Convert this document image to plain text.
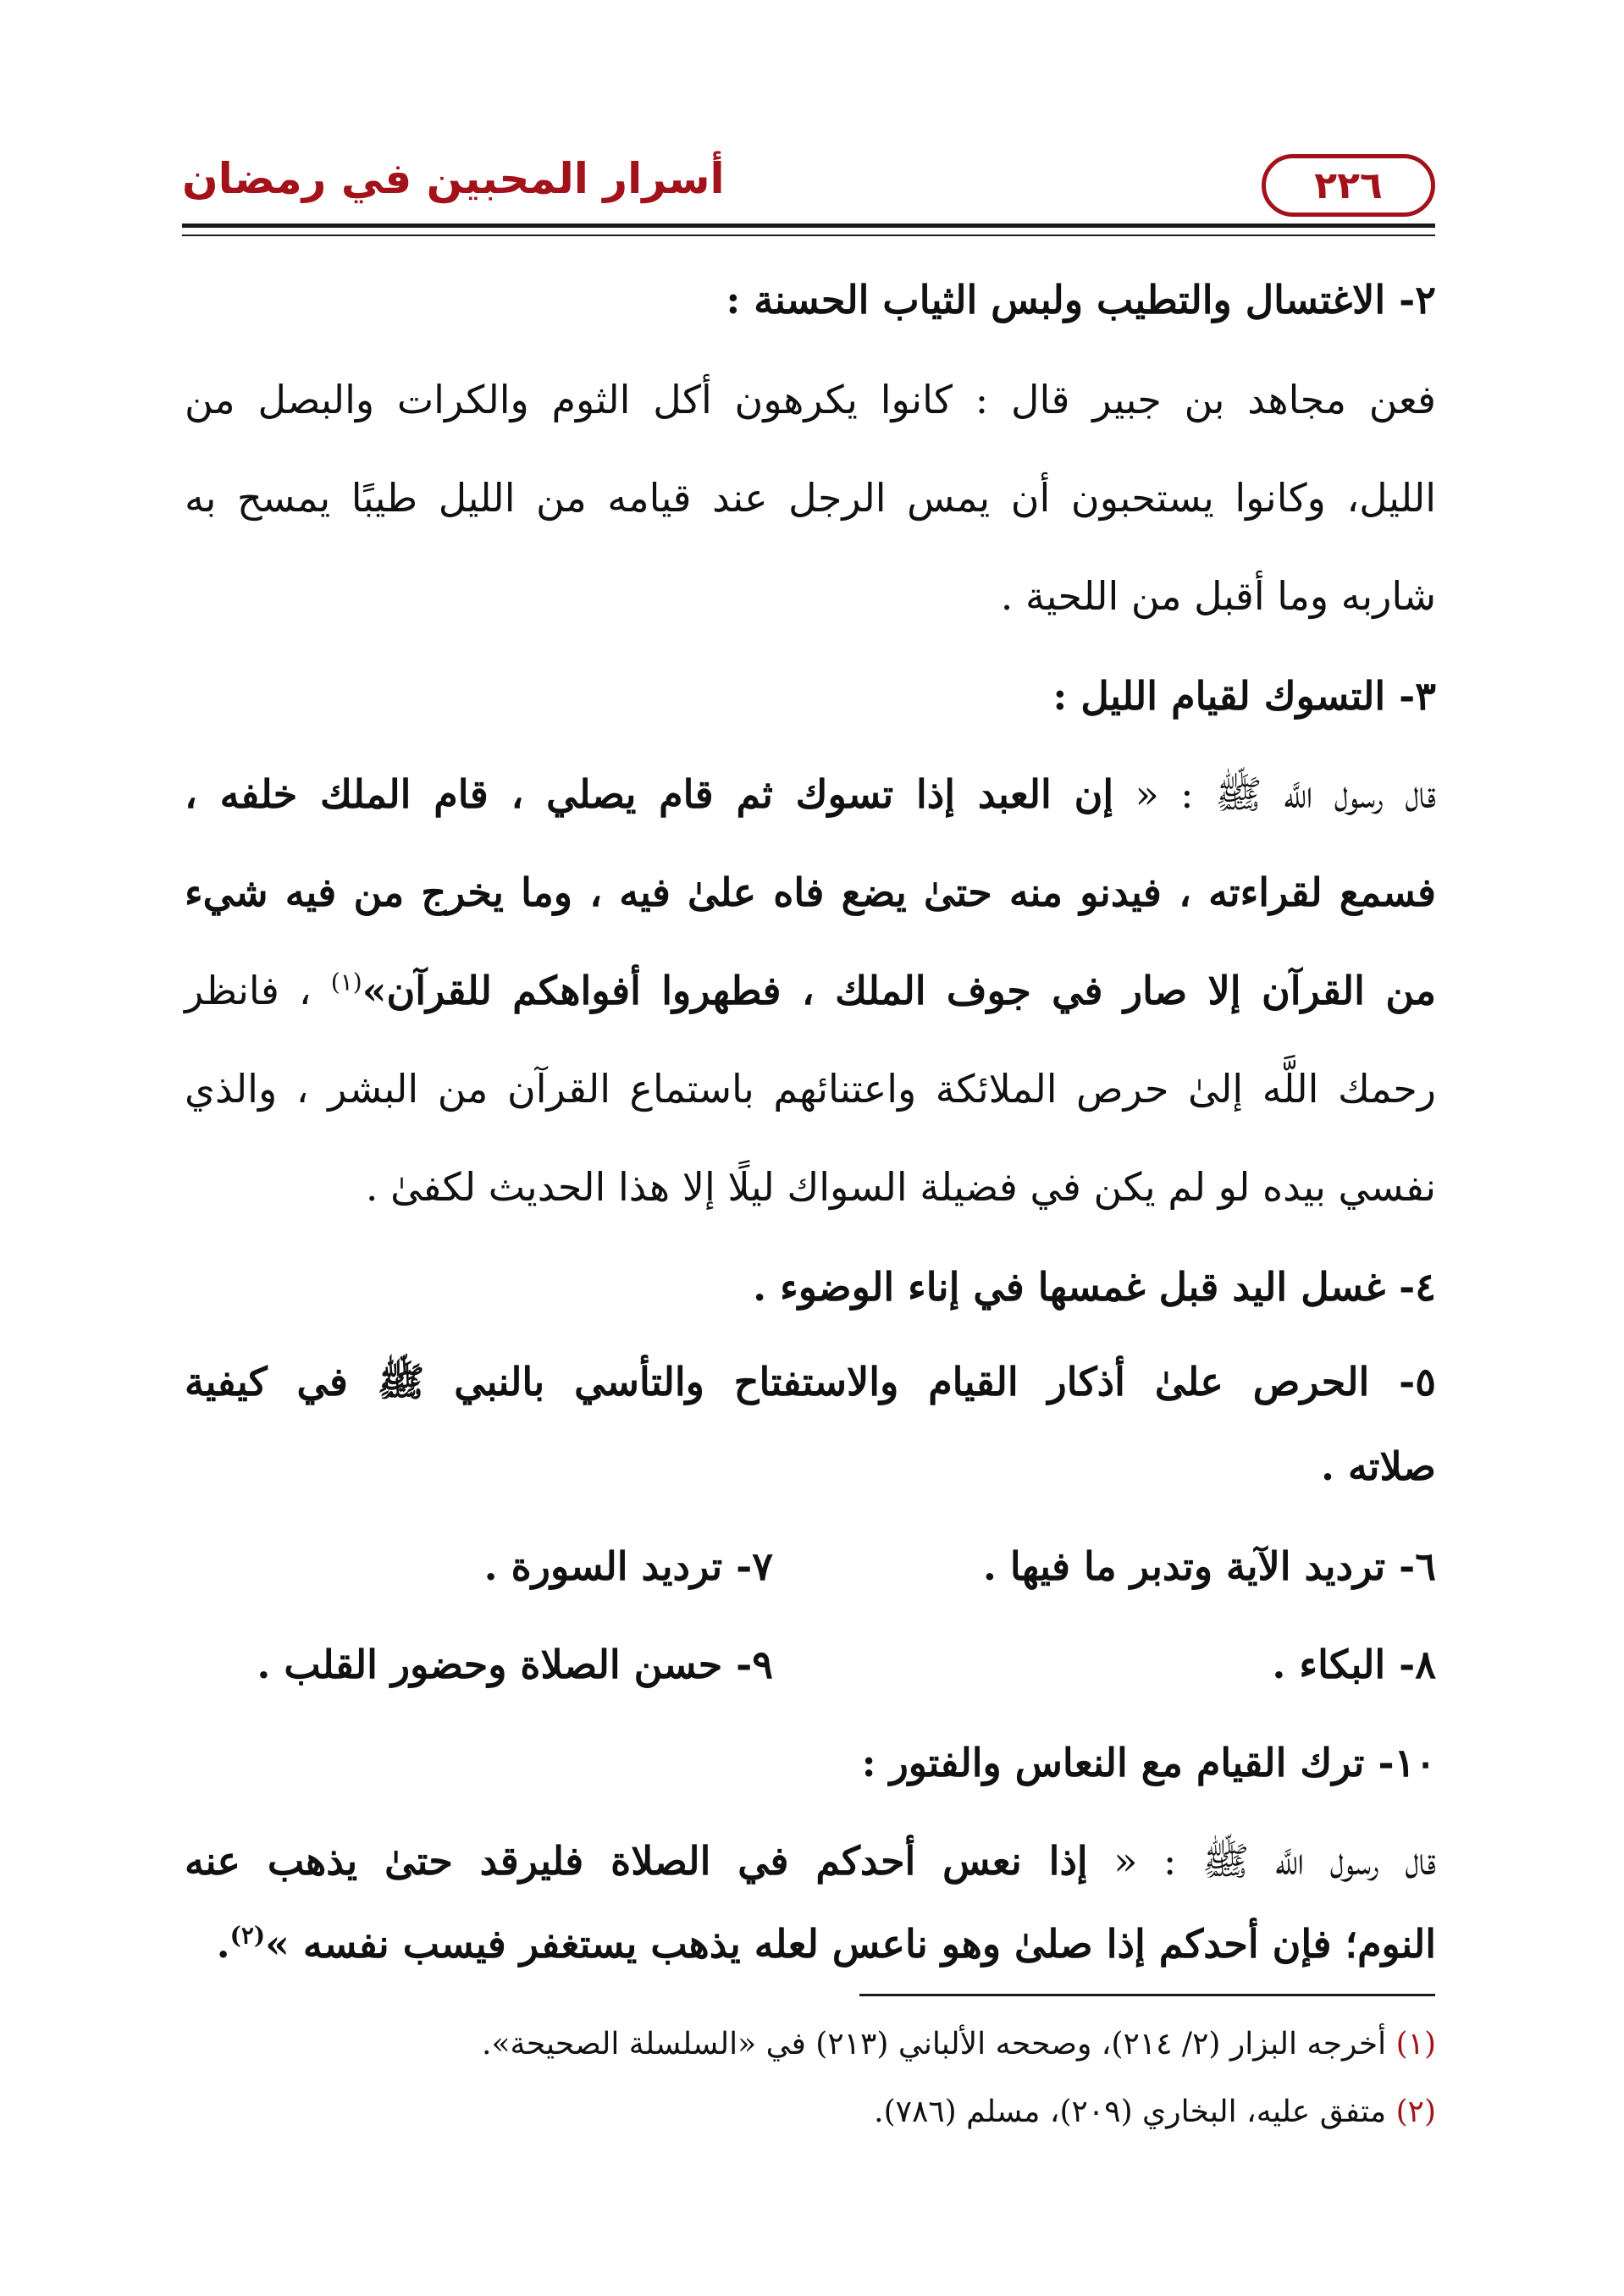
٢٢٦
أسرار المحبين في رمضان
٢- الاغتسال والتطيب ولبس الثياب الحسنة :
فعن مجاهد بن جبير قال : كانوا يكرهون أكل الثوم والكرات والبصل من
الليل، وكانوا يستحبون أن يمس الرجل عند قيامه من الليل طيبًا يمسح به
شاربه وما أقبل من اللحية .
٣- التسوك لقيام الليل :
قال رسول اللَّه ﷺ : « إن العبد إذا تسوك ثم قام يصلي ، قام الملك خلفه ،
فسمع لقراءته ، فيدنو منه حتىٰ يضع فاه علىٰ فيه ، وما يخرج من فيه شيء
من القرآن إلا صار في جوف الملك ، فطهروا أفواهكم للقرآن»$^{(١)}$ ، فانظر
رحمك اللَّه إلىٰ حرص الملائكة واعتنائهم باستماع القرآن من البشر ، والذي
نفسي بيده لو لم يكن في فضيلة السواك ليلًا إلا هذا الحديث لكفىٰ .
٤- غسل اليد قبل غمسها في إناء الوضوء .
٥- الحرص علىٰ أذكار القيام والاستفتاح والتأسي بالنبي ﷺ في كيفية
صلاته .
٦- ترديد الآية وتدبر ما فيها .
٧- ترديد السورة .
٨- البكاء .
٩- حسن الصلاة وحضور القلب .
١٠- ترك القيام مع النعاس والفتور :
قال رسول اللَّه ﷺ : « إذا نعس أحدكم في الصلاة فليرقد حتىٰ يذهب عنه
النوم؛ فإن أحدكم إذا صلىٰ وهو ناعس لعله يذهب يستغفر فيسب نفسه »$^{(٢)}$.
(١) أخرجه البزار (٢/ ٢١٤)، وصححه الألباني (٢١٣) في «السلسلة الصحيحة».
(٢) متفق عليه، البخاري (٢٠٩)، مسلم (٧٨٦).
